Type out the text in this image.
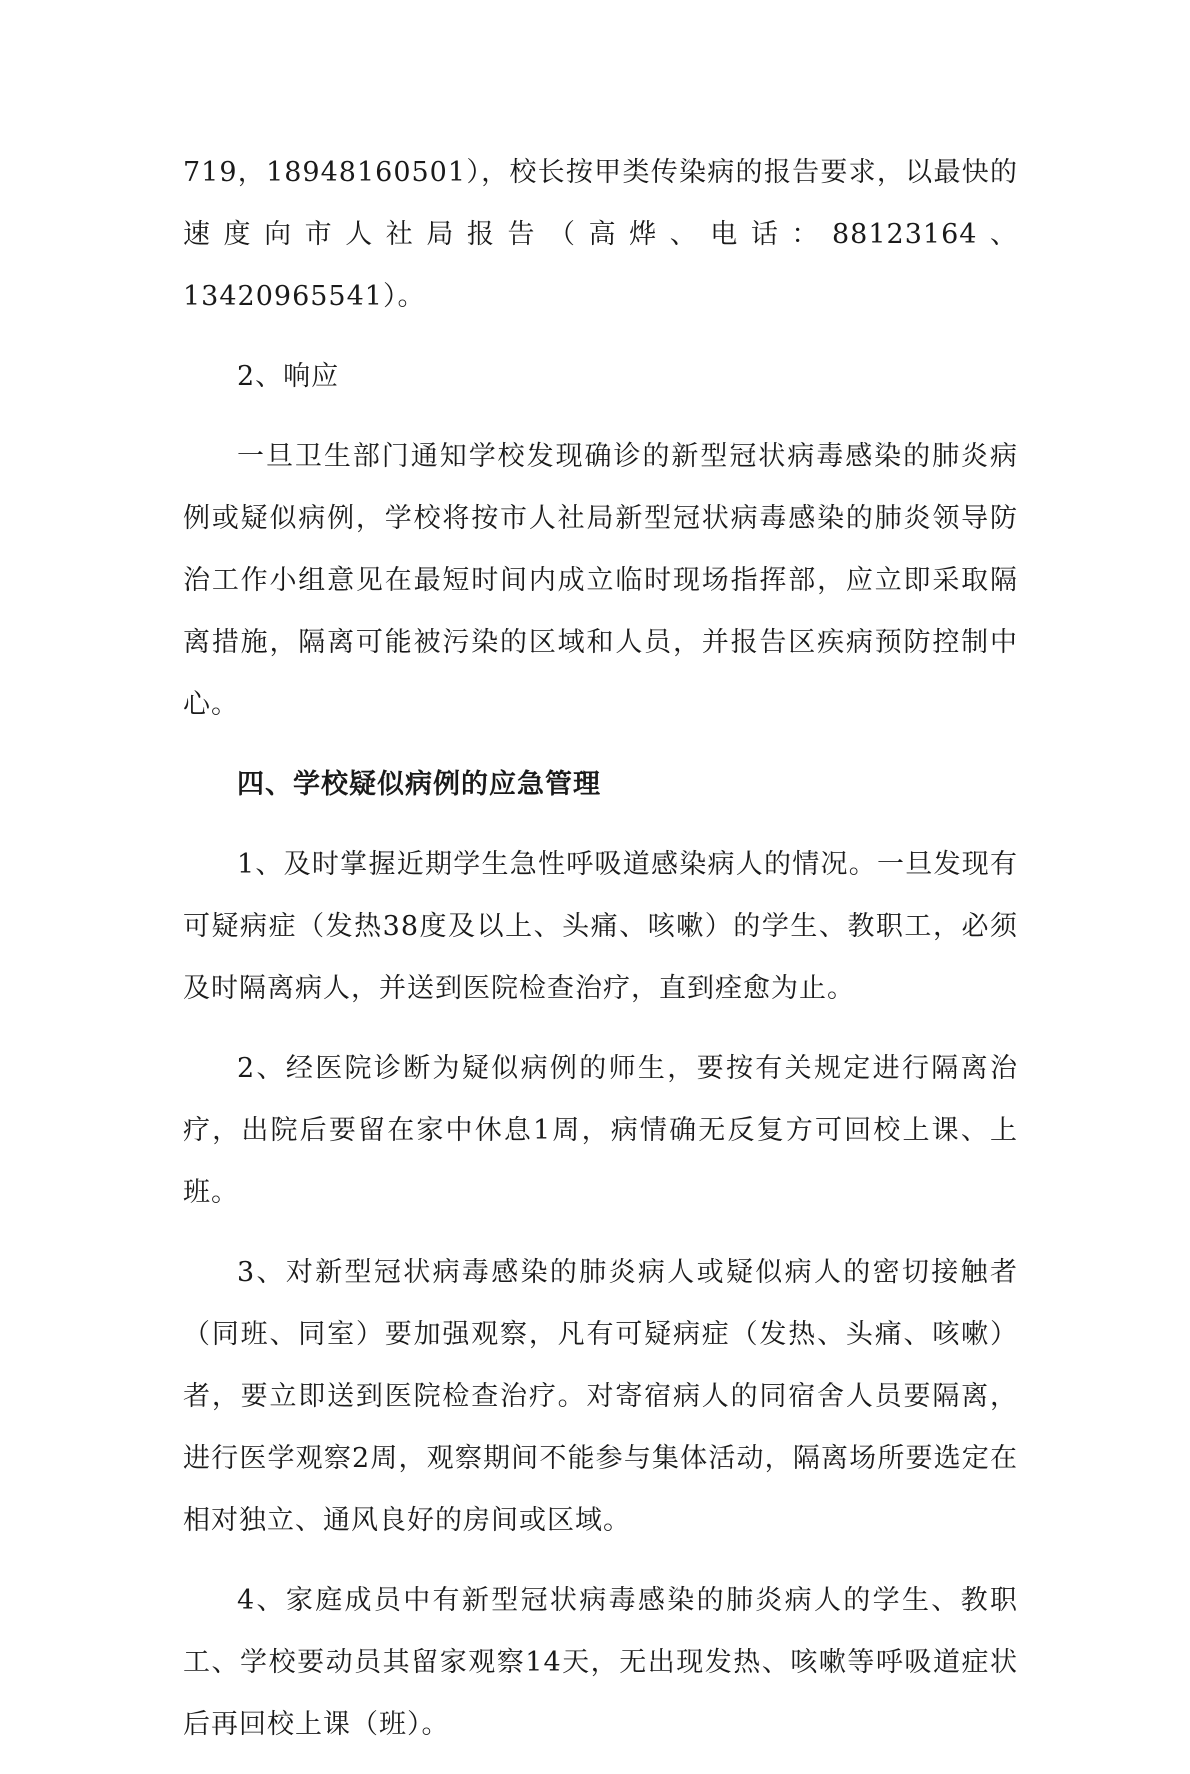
719，18948160501），校长按甲类传染病的报告要求，以最快的速度向市人社局报告（高烨、电话：88123164、13420965541）。

2、响应

一旦卫生部门通知学校发现确诊的新型冠状病毒感染的肺炎病例或疑似病例，学校将按市人社局新型冠状病毒感染的肺炎领导防治工作小组意见在最短时间内成立临时现场指挥部，应立即采取隔离措施，隔离可能被污染的区域和人员，并报告区疾病预防控制中心。

四、学校疑似病例的应急管理

1、及时掌握近期学生急性呼吸道感染病人的情况。一旦发现有可疑病症（发热38度及以上、头痛、咳嗽）的学生、教职工，必须及时隔离病人，并送到医院检查治疗，直到痊愈为止。

2、经医院诊断为疑似病例的师生，要按有关规定进行隔离治疗，出院后要留在家中休息1周，病情确无反复方可回校上课、上班。

3、对新型冠状病毒感染的肺炎病人或疑似病人的密切接触者（同班、同室）要加强观察，凡有可疑病症（发热、头痛、咳嗽）者，要立即送到医院检查治疗。对寄宿病人的同宿舍人员要隔离，进行医学观察2周，观察期间不能参与集体活动，隔离场所要选定在相对独立、通风良好的房间或区域。

4、家庭成员中有新型冠状病毒感染的肺炎病人的学生、教职工、学校要动员其留家观察14天，无出现发热、咳嗽等呼吸道症状后再回校上课（班）。
